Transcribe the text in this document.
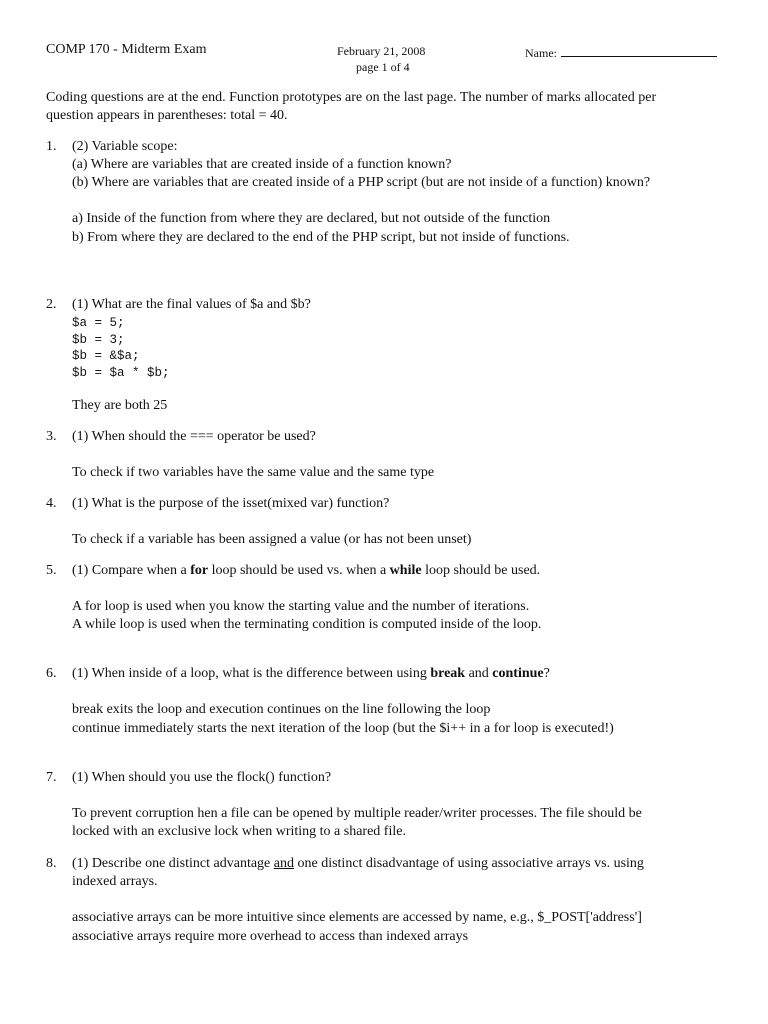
COMP 170 - Midterm Exam	February 21, 2008
page 1 of 4
Name:
Coding questions are at the end. Function prototypes are on the last page. The number of marks allocated per
question appears in parentheses: total = 40.
1. (2) Variable scope:
(a) Where are variables that are created inside of a function known?
(b) Where are variables that are created inside of a PHP script (but are not inside of a function) known?
a) Inside of the function from where they are declared, but not outside of the function
b) From where they are declared to the end of the PHP script, but not inside of functions.
2. (1) What are the final values of $a and $b?
$a = 5;
$b = 3;
$b = &$a;
$b = $a * $b;
They are both 25
3. (1) When should the === operator be used?
To check if two variables have the same value and the same type
4. (1) What is the purpose of the isset(mixed var) function?
To check if a variable has been assigned a value (or has not been unset)
5. (1) Compare when a for loop should be used vs. when a while loop should be used.
A for loop is used when you know the starting value and the number of iterations.
A while loop is used when the terminating condition is computed inside of the loop.
6. (1) When inside of a loop, what is the difference between using break and continue?
break exits the loop and execution continues on the line following the loop
continue immediately starts the next iteration of the loop (but the $i++ in a for loop is executed!)
7. (1) When should you use the flock() function?
To prevent corruption hen a file can be opened by multiple reader/writer processes. The file should be
locked with an exclusive lock when writing to a shared file.
8. (1) Describe one distinct advantage and one distinct disadvantage of using associative arrays vs. using
indexed arrays.
associative arrays can be more intuitive since elements are accessed by name, e.g., $_POST['address']
associative arrays require more overhead to access than indexed arrays
